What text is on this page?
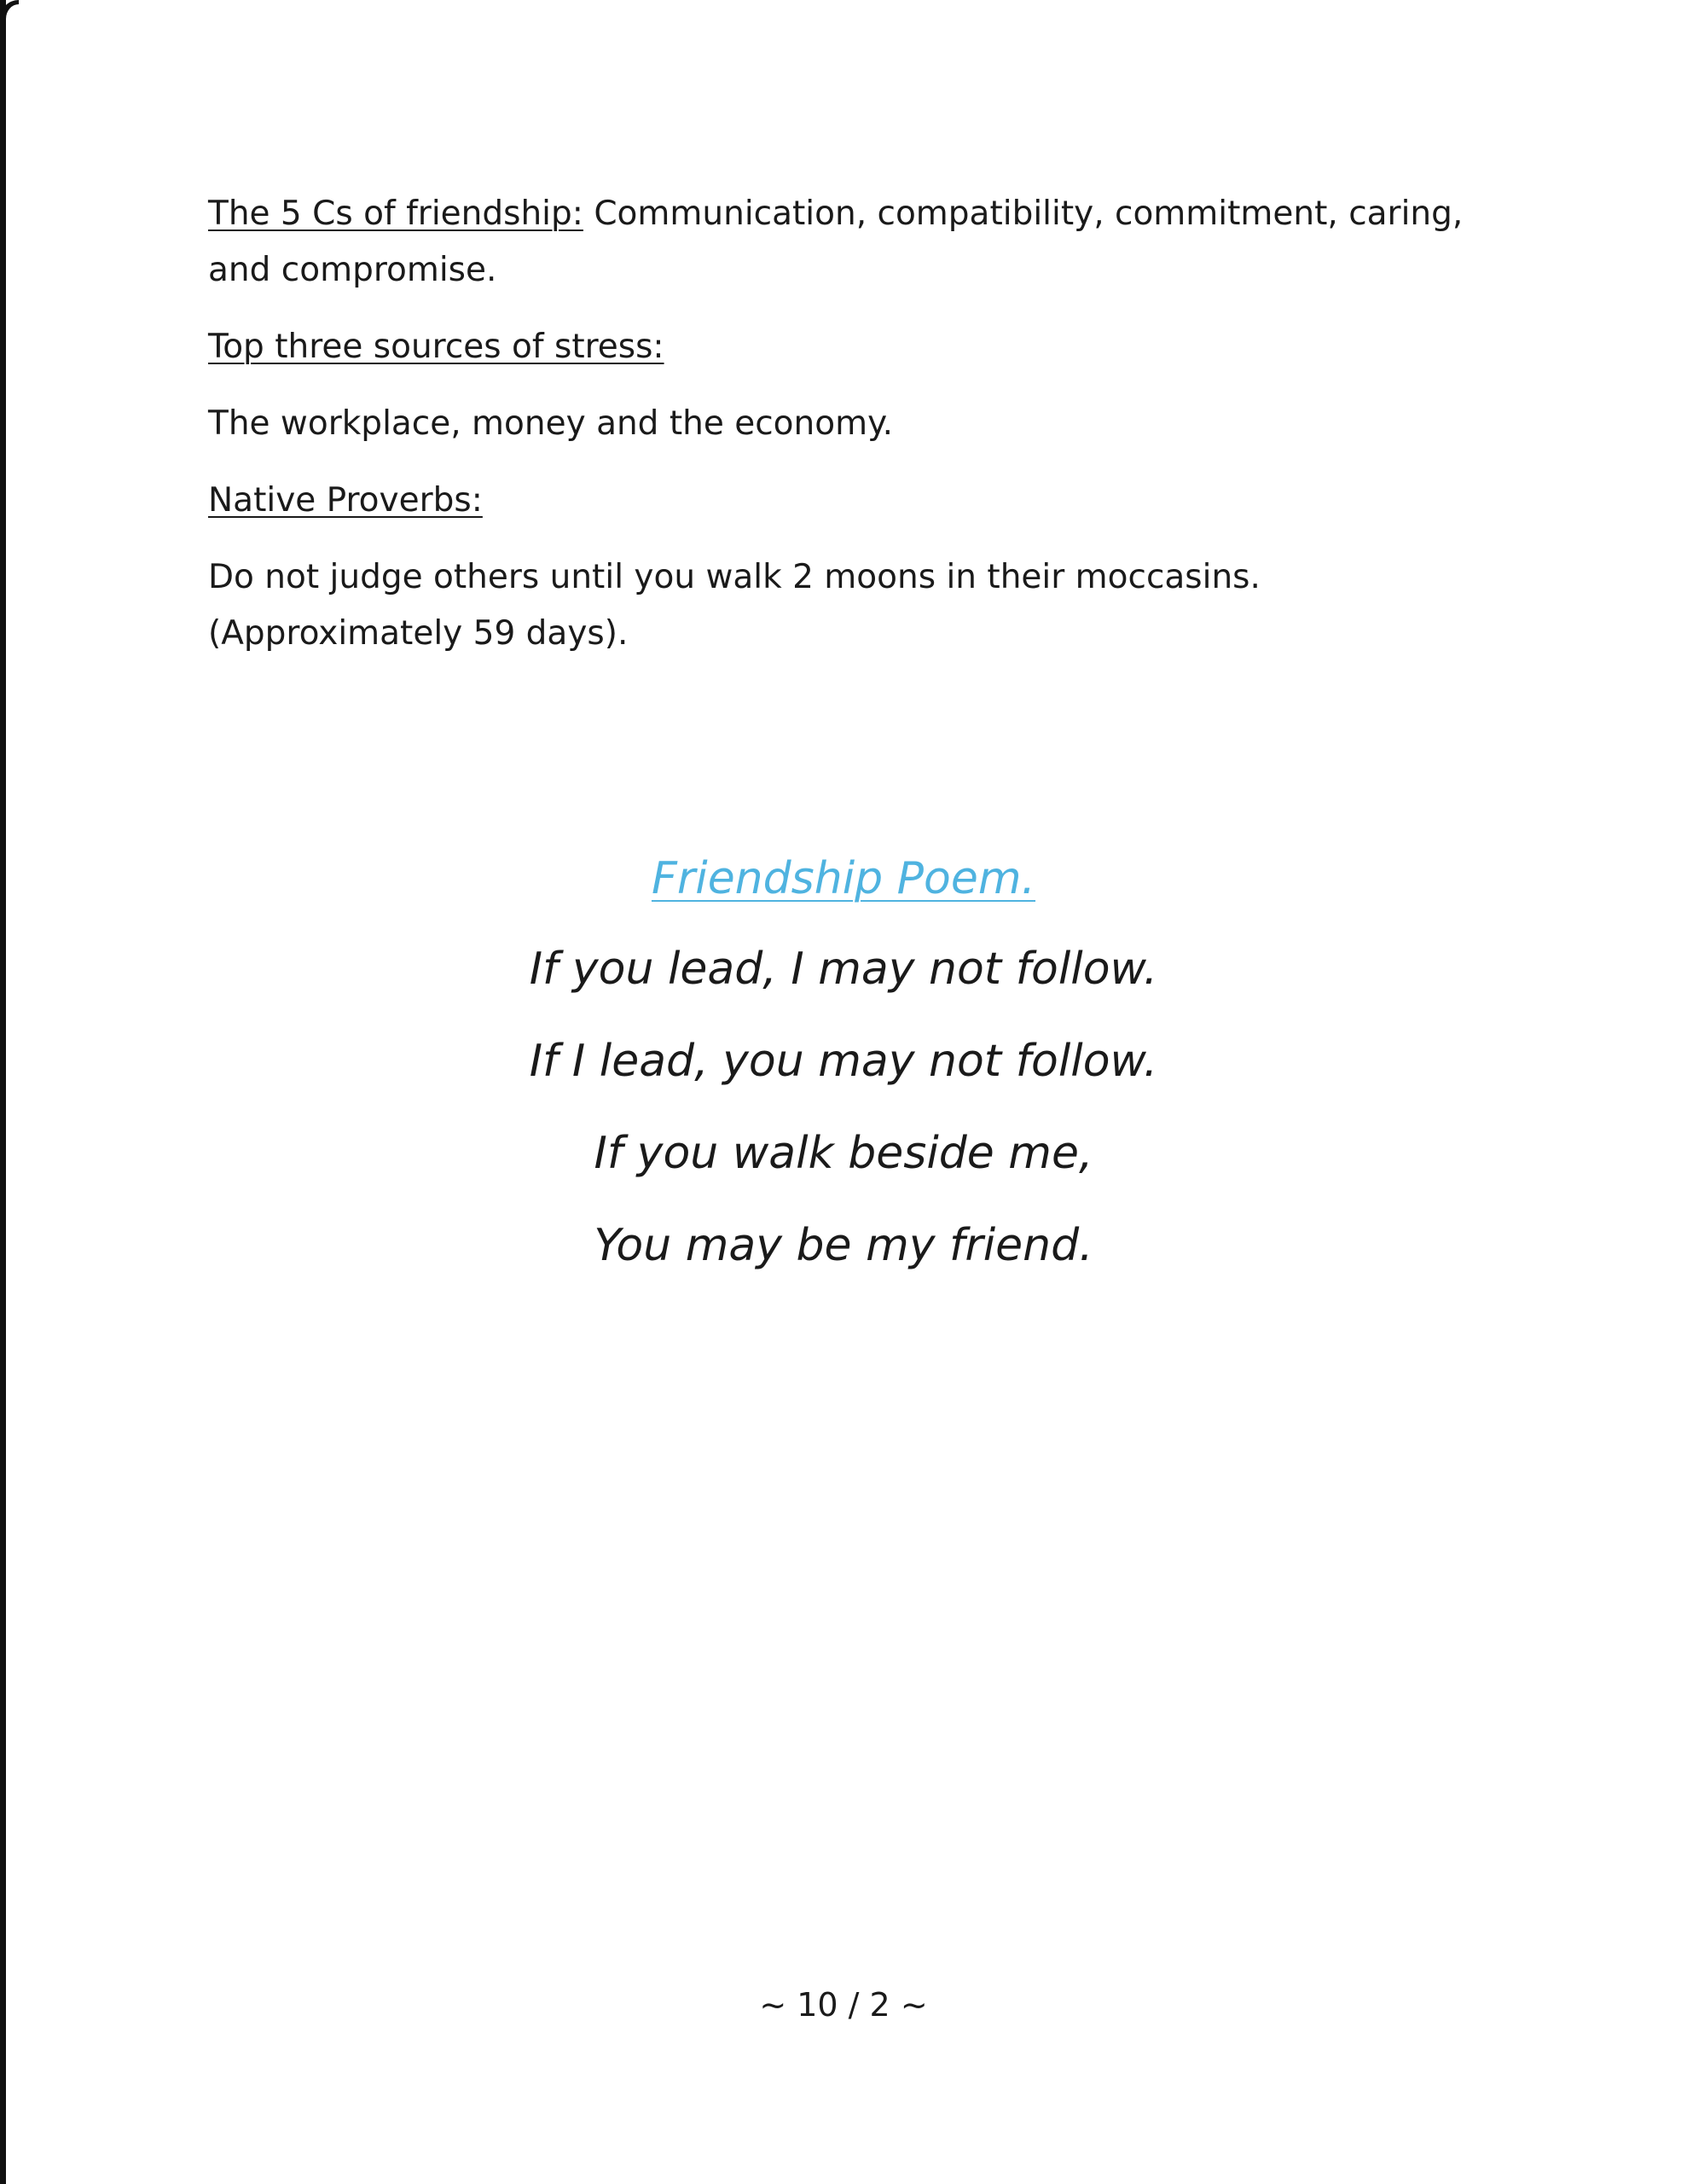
The 5 Cs of friendship: Communication, compatibility, commitment, caring, and compromise.

Top three sources of stress:

The workplace, money and the economy.

Native Proverbs:

Do not judge others until you walk 2 moons in their moccasins.
(Approximately 59 days).

Friendship Poem.
If you lead, I may not follow.
If I lead, you may not follow.
If you walk beside me,
You may be my friend.
~ 10 / 2 ~
